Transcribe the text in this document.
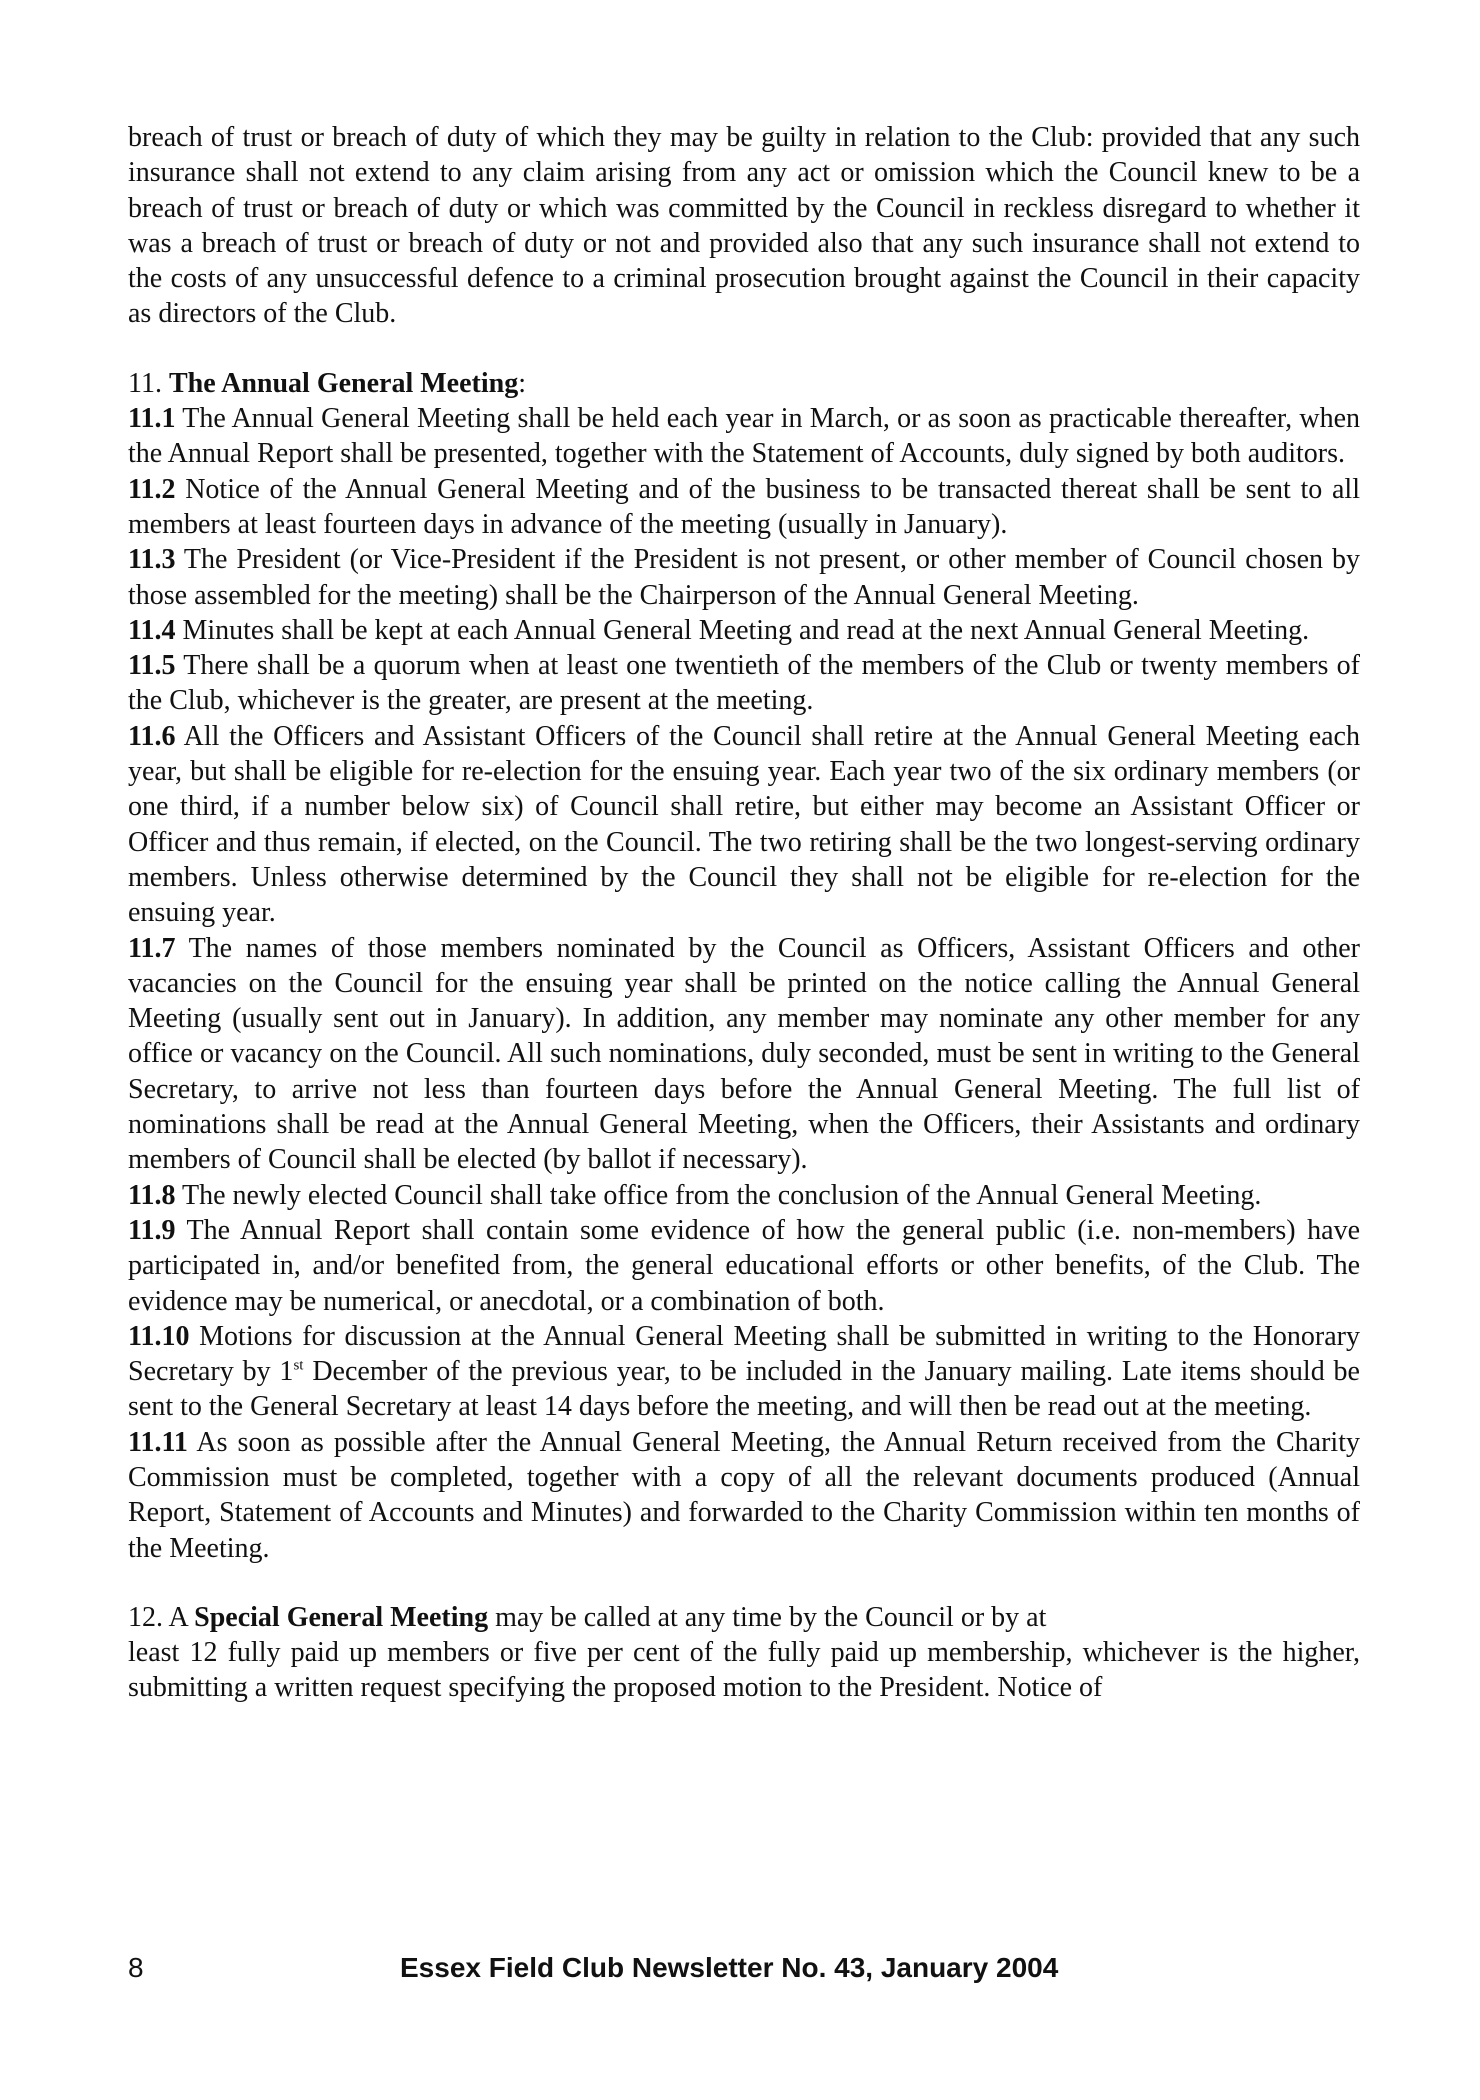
breach of trust or breach of duty of which they may be guilty in relation to the Club: provided that any such insurance shall not extend to any claim arising from any act or omission which the Council knew to be a breach of trust or breach of duty or which was committed by the Council in reckless disregard to whether it was a breach of trust or breach of duty or not and provided also that any such insurance shall not extend to the costs of any unsuccessful defence to a criminal prosecution brought against the Council in their capacity as directors of the Club.

11. The Annual General Meeting:

11.1 The Annual General Meeting shall be held each year in March, or as soon as practicable thereafter, when the Annual Report shall be presented, together with the Statement of Accounts, duly signed by both auditors.

11.2 Notice of the Annual General Meeting and of the business to be transacted thereat shall be sent to all members at least fourteen days in advance of the meeting (usually in January).

11.3 The President (or Vice-President if the President is not present, or other member of Council chosen by those assembled for the meeting) shall be the Chairperson of the Annual General Meeting.

11.4 Minutes shall be kept at each Annual General Meeting and read at the next Annual General Meeting.

11.5 There shall be a quorum when at least one twentieth of the members of the Club or twenty members of the Club, whichever is the greater, are present at the meeting.

11.6 All the Officers and Assistant Officers of the Council shall retire at the Annual General Meeting each year, but shall be eligible for re-election for the ensuing year. Each year two of the six ordinary members (or one third, if a number below six) of Council shall retire, but either may become an Assistant Officer or Officer and thus remain, if elected, on the Council. The two retiring shall be the two longest-serving ordinary members. Unless otherwise determined by the Council they shall not be eligible for re-election for the ensuing year.

11.7 The names of those members nominated by the Council as Officers, Assistant Officers and other vacancies on the Council for the ensuing year shall be printed on the notice calling the Annual General Meeting (usually sent out in January). In addition, any member may nominate any other member for any office or vacancy on the Council. All such nominations, duly seconded, must be sent in writing to the General Secretary, to arrive not less than fourteen days before the Annual General Meeting. The full list of nominations shall be read at the Annual General Meeting, when the Officers, their Assistants and ordinary members of Council shall be elected (by ballot if necessary).

11.8 The newly elected Council shall take office from the conclusion of the Annual General Meeting.

11.9 The Annual Report shall contain some evidence of how the general public (i.e. non-members) have participated in, and/or benefited from, the general educational efforts or other benefits, of the Club. The evidence may be numerical, or anecdotal, or a combination of both.

11.10 Motions for discussion at the Annual General Meeting shall be submitted in writing to the Honorary Secretary by 1st December of the previous year, to be included in the January mailing. Late items should be sent to the General Secretary at least 14 days before the meeting, and will then be read out at the meeting.

11.11 As soon as possible after the Annual General Meeting, the Annual Return received from the Charity Commission must be completed, together with a copy of all the relevant documents produced (Annual Report, Statement of Accounts and Minutes) and forwarded to the Charity Commission within ten months of the Meeting.

12. A Special General Meeting may be called at any time by the Council or by at

least 12 fully paid up members or five per cent of the fully paid up membership, whichever is the higher, submitting a written request specifying the proposed motion to the President. Notice of

8	Essex Field Club Newsletter No. 43, January 2004
